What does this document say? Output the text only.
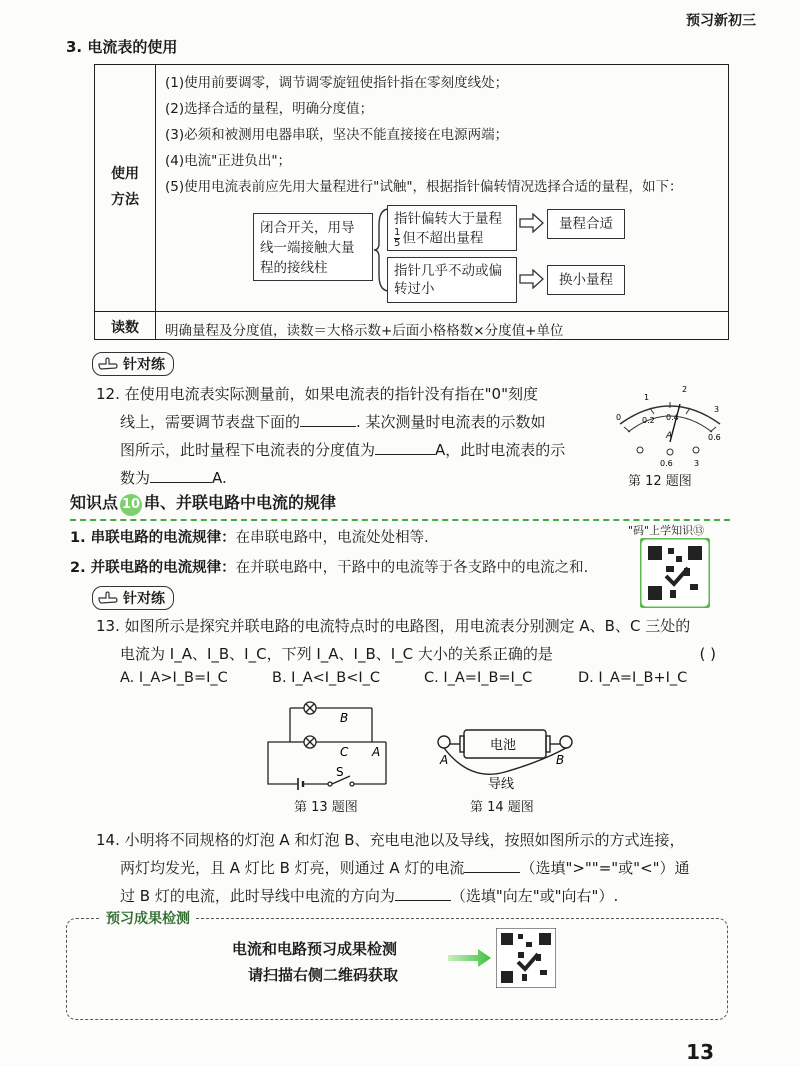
预习新初三
3. 电流表的使用
使用
方法
(1)使用前要调零，调节调零旋钮使指针指在零刻度线处；
(2)选择合适的量程，明确分度值；
(3)必须和被测用电器串联，坚决不能直接接在电源两端；
(4)电流"正进负出"；
(5)使用电流表前应先用大量程进行"试触"，根据指针偏转情况选择合适的量程，如下：
闭合开关，用导线一端接触大量程的接线柱
指针偏转大于量程
$\frac{1}{5}$ 但不超出量程
指针几乎不动或偏转过小
量程合适
换小量程
读数	明确量程及分度值，读数＝大格示数+后面小格格数×分度值+单位
针对练
12. 在使用电流表实际测量前，如果电流表的指针没有指在"0"刻度
线上，需要调节表盘下面的	. 某次测量时电流表的示数如
图所示，此时量程下电流表的分度值为	A，此时电流表的示
数为	A.
0	0.2 0.4
0.6
1
2
3
A
0.6	3
第 12 题图
知识点 10 串、并联电路中电流的规律
"码"上学知识⑬
1. 串联电路的电流规律：在串联电路中，电流处处相等.
2. 并联电路的电流规律：在并联电路中，干路中的电流等于各支路中的电流之和.
针对练
13. 如图所示是探究并联电路的电流特点时的电路图，用电流表分别测定 A、B、C 三处的
电流为 I_A、I_B、I_C，下列 I_A、I_B、I_C 大小的关系正确的是	( )
A. I_A>I_B=I_C	B. I_A<I_B<I_C	C. I_A=I_B=I_C	D. I_A=I_B+I_C
B
C A
S
第 13 题图
电池
A	B
导线
第 14 题图
14. 小明将不同规格的灯泡 A 和灯泡 B、充电电池以及导线，按照如图所示的方式连接，
两灯均发光，且 A 灯比 B 灯亮，则通过 A 灯的电流	（选填">""="或"<"）通
过 B 灯的电流，此时导线中电流的方向为	（选填"向左"或"向右"）.
预习成果检测
电流和电路预习成果检测
请扫描右侧二维码获取
13
